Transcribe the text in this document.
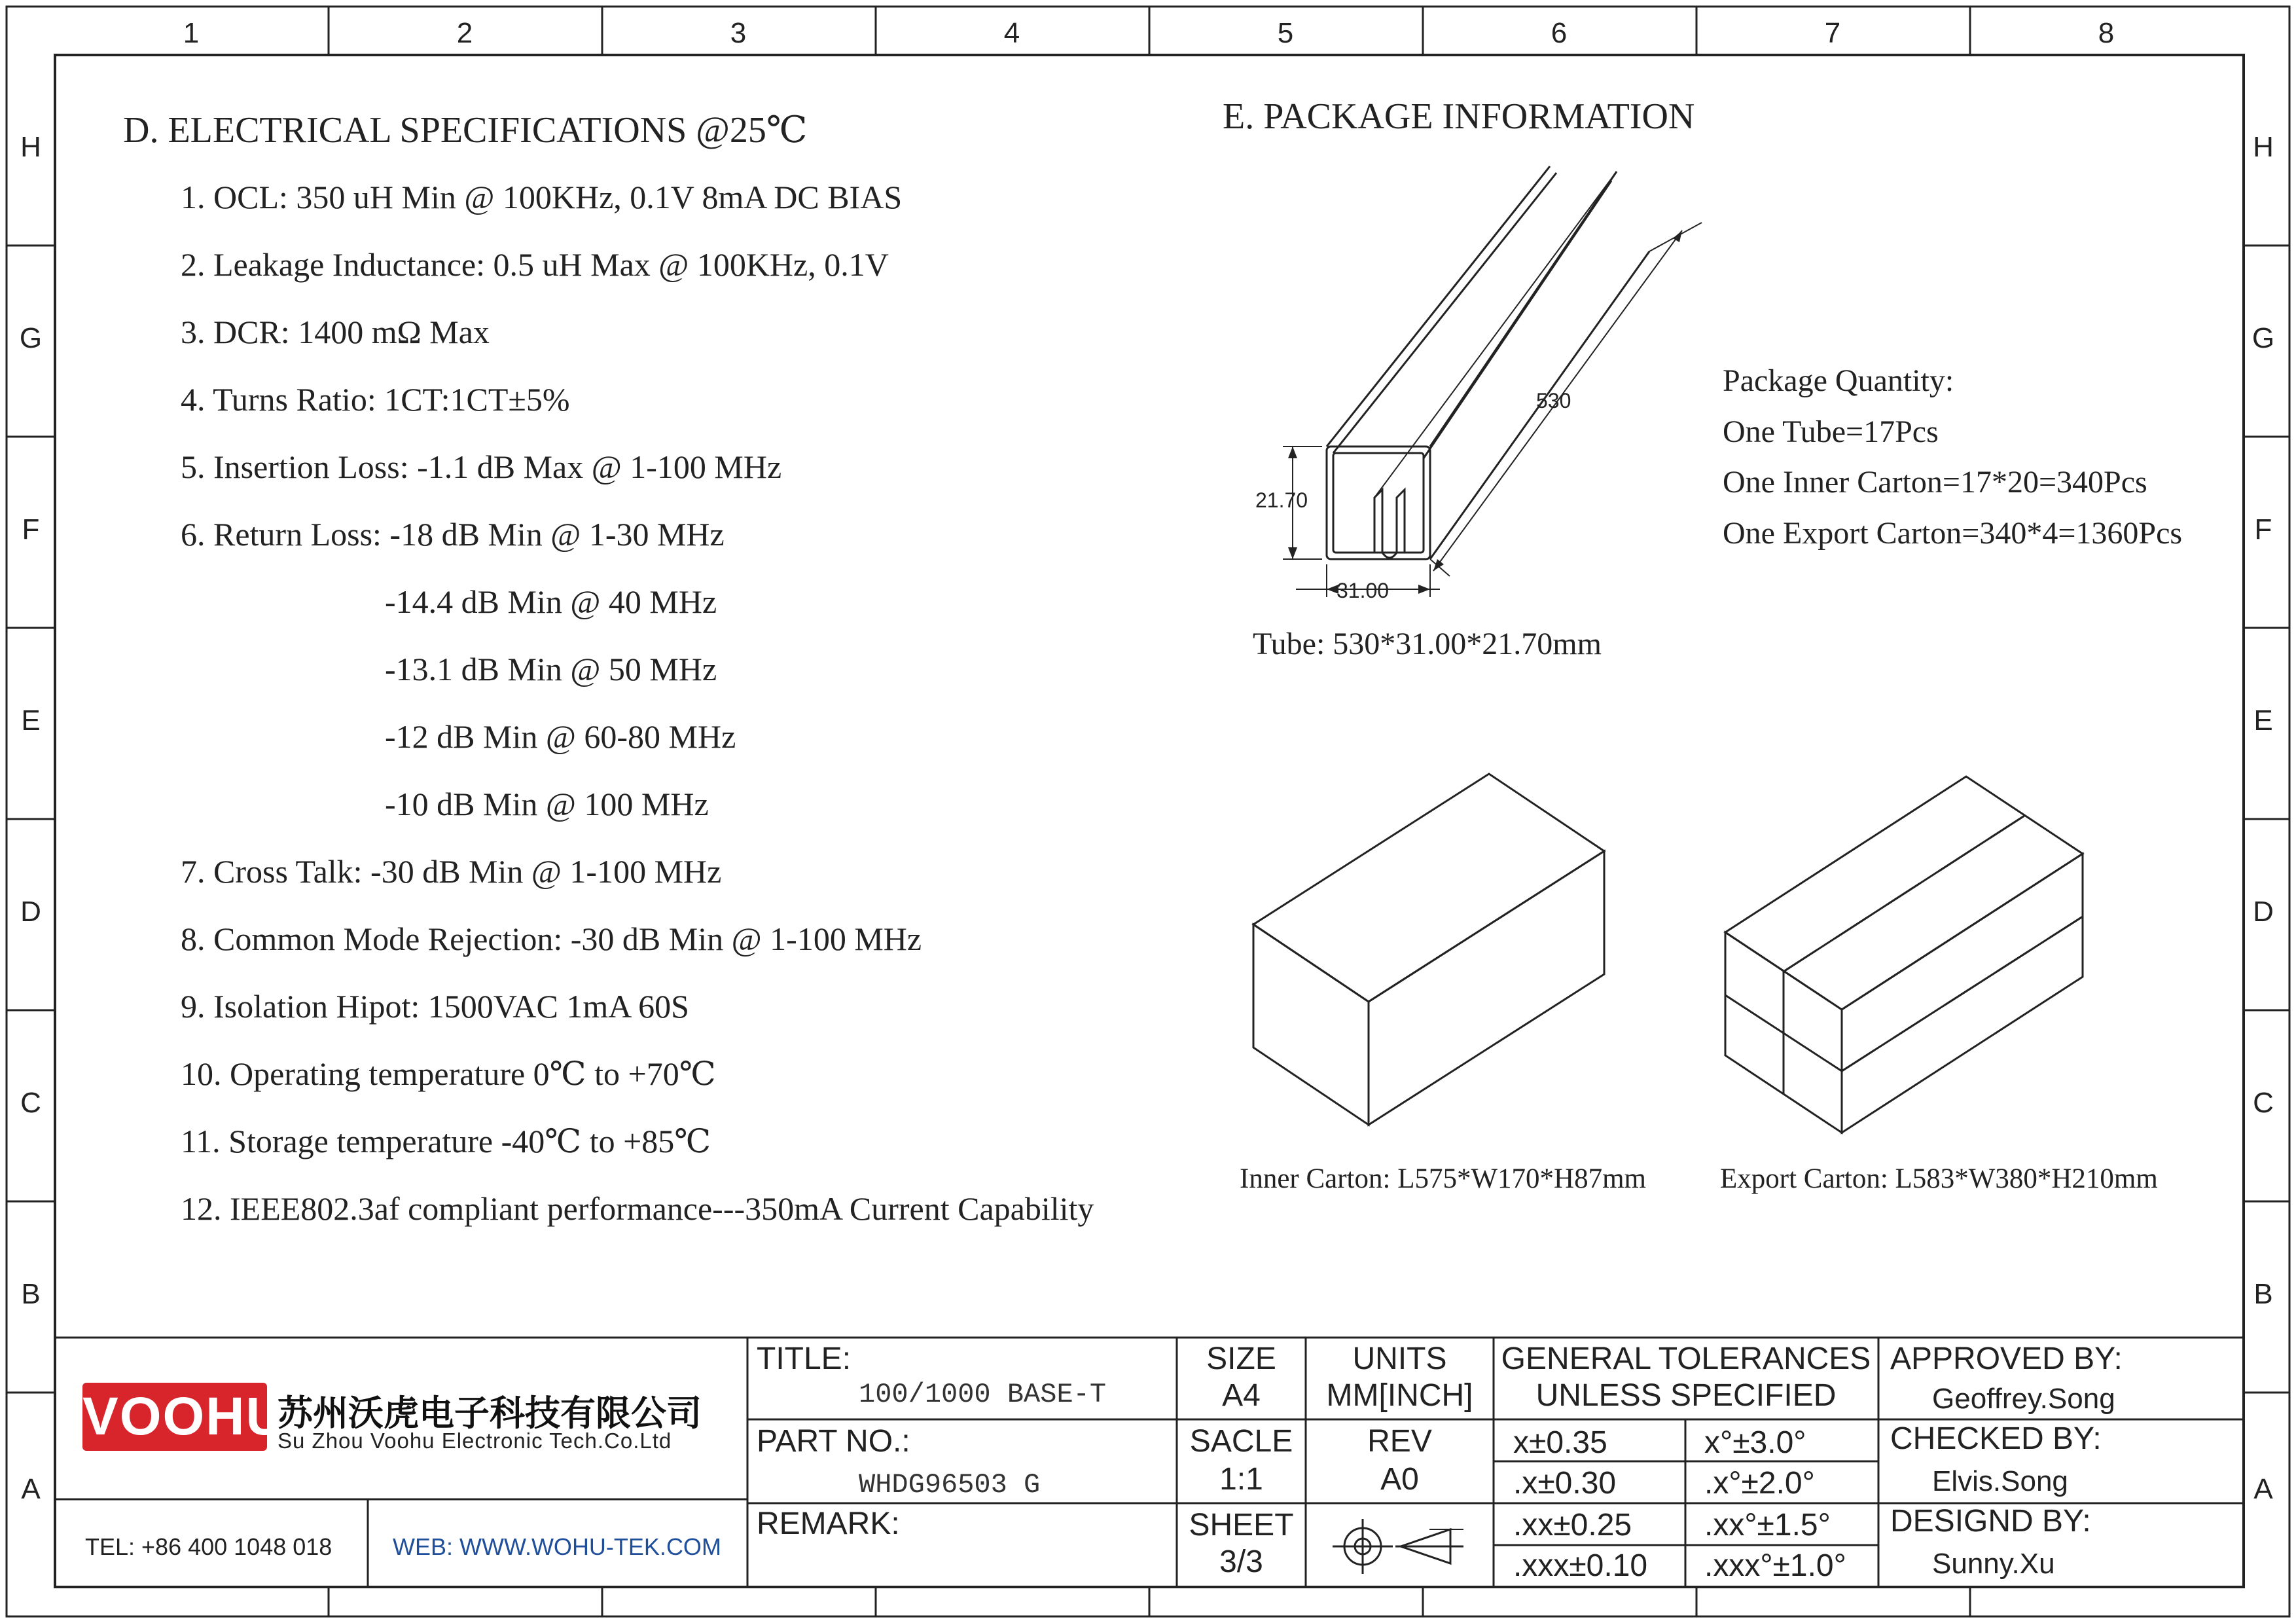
1	2	3	4	5	6	7	8
H
G
F
E
D
C
B
A
H
G
F
E
D
C
B
A
D. ELECTRICAL SPECIFICATIONS @25℃
1. OCL: 350 uH Min @ 100KHz, 0.1V 8mA DC BIAS
2. Leakage Inductance: 0.5 uH Max @ 100KHz, 0.1V
3. DCR: 1400 mΩ Max
4. Turns Ratio: 1CT:1CT±5%
5. Insertion Loss: -1.1 dB Max @ 1-100 MHz
6. Return Loss: -18 dB Min @ 1-30 MHz
-14.4 dB Min @ 40 MHz
-13.1 dB Min @ 50 MHz
-12 dB Min @ 60-80 MHz
-10 dB Min @ 100 MHz
7. Cross Talk: -30 dB Min @ 1-100 MHz
8. Common Mode Rejection: -30 dB Min @ 1-100 MHz
9. Isolation Hipot: 1500VAC 1mA 60S
10. Operating temperature 0℃ to +70℃
11. Storage temperature -40℃ to +85℃
12. IEEE802.3af compliant performance---350mA Current Capability
E. PACKAGE INFORMATION
530
21.70
31.00
Tube: 530*31.00*21.70mm
Package Quantity:
One Tube=17Pcs
One Inner Carton=17*20=340Pcs
One Export Carton=340*4=1360Pcs
Inner Carton: L575*W170*H87mm	Export Carton: L583*W380*H210mm
VOOHU
苏州沃虎电子科技有限公司
Su Zhou Voohu Electronic Tech.Co.Ltd
TEL: +86 400 1048 018	WEB: WWW.WOHU-TEK.COM
TITLE:
100/1000 BASE-T
PART NO.:
WHDG96503 G
REMARK:
SIZE
A4
SACLE
1:1
SHEET
3/3
UNITS
MM[INCH]
REV
A0
GENERAL TOLERANCES
UNLESS SPECIFIED
x±0.35	x°±3.0°
.x±0.30	.x°±2.0°
.xx±0.25 .xx°±1.5°
.xxx±0.10 .xxx°±1.0°
APPROVED BY:
Geoffrey.Song
CHECKED BY:
Elvis.Song
DESIGND BY:
Sunny.Xu
